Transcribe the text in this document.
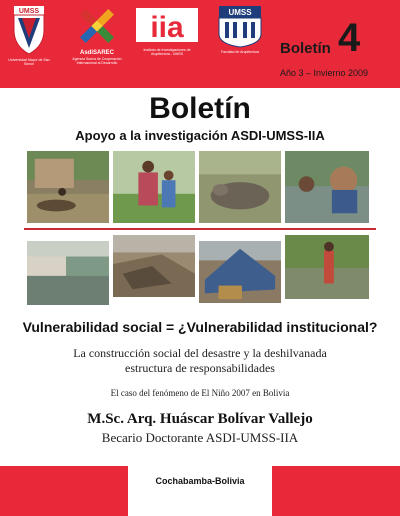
UMSS
Universidad Mayor de San Simón
AsdiSAREC
Agencia Sueca de Cooperación Internacional al Desarrollo
iia
Instituto de Investigaciones de Arquitectura - UMSS
UMSS
Facultad de Arquitectura	Boletín 4
Año 3 – Invierno 2009
Boletín
Apoyo a la investigación ASDI-UMSS-IIA
Vulnerabilidad social = ¿Vulnerabilidad institucional?
La construcción social del desastre y la deshilvanada
estructura de responsabilidades
El caso del fenómeno de El Niño 2007 en Bolivia
M.Sc. Arq. Huáscar Bolívar Vallejo
Becario Doctorante ASDI-UMSS-IIA
Cochabamba-Bolivia
